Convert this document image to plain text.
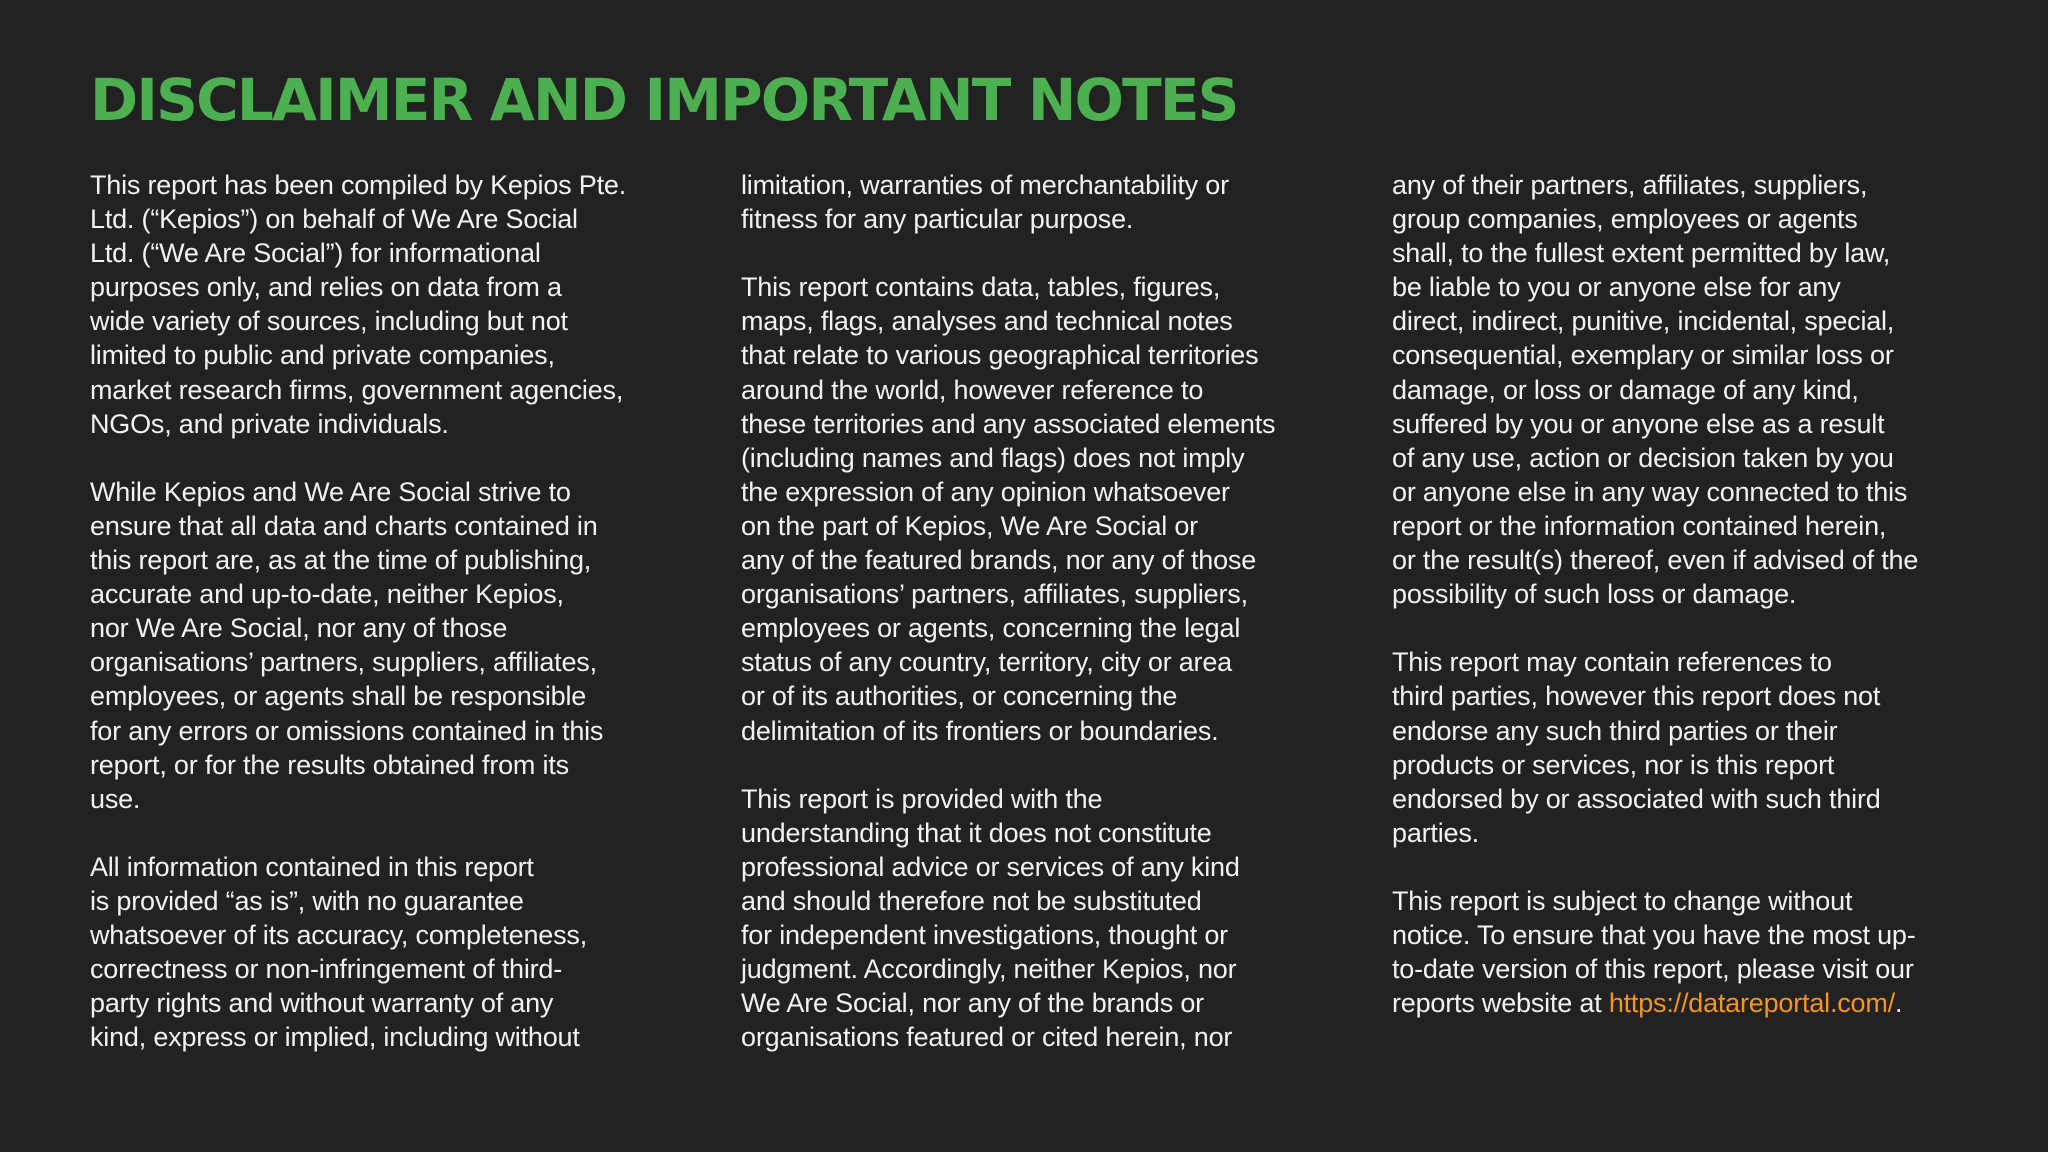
DISCLAIMER AND IMPORTANT NOTES

This report has been compiled by Kepios Pte.
Ltd. (“Kepios”) on behalf of We Are Social
Ltd. (“We Are Social”) for informational
purposes only, and relies on data from a
wide variety of sources, including but not
limited to public and private companies,
market research firms, government agencies,
NGOs, and private individuals.

While Kepios and We Are Social strive to
ensure that all data and charts contained in
this report are, as at the time of publishing,
accurate and up-to-date, neither Kepios,
nor We Are Social, nor any of those
organisations’ partners, suppliers, affiliates,
employees, or agents shall be responsible
for any errors or omissions contained in this
report, or for the results obtained from its
use.

All information contained in this report
is provided “as is”, with no guarantee
whatsoever of its accuracy, completeness,
correctness or non-infringement of third-
party rights and without warranty of any
kind, express or implied, including without

limitation, warranties of merchantability or
fitness for any particular purpose.

This report contains data, tables, figures,
maps, flags, analyses and technical notes
that relate to various geographical territories
around the world, however reference to
these territories and any associated elements
(including names and flags) does not imply
the expression of any opinion whatsoever
on the part of Kepios, We Are Social or
any of the featured brands, nor any of those
organisations’ partners, affiliates, suppliers,
employees or agents, concerning the legal
status of any country, territory, city or area
or of its authorities, or concerning the
delimitation of its frontiers or boundaries.

This report is provided with the
understanding that it does not constitute
professional advice or services of any kind
and should therefore not be substituted
for independent investigations, thought or
judgment. Accordingly, neither Kepios, nor
We Are Social, nor any of the brands or
organisations featured or cited herein, nor

any of their partners, affiliates, suppliers,
group companies, employees or agents
shall, to the fullest extent permitted by law,
be liable to you or anyone else for any
direct, indirect, punitive, incidental, special,
consequential, exemplary or similar loss or
damage, or loss or damage of any kind,
suffered by you or anyone else as a result
of any use, action or decision taken by you
or anyone else in any way connected to this
report or the information contained herein,
or the result(s) thereof, even if advised of the
possibility of such loss or damage.

This report may contain references to
third parties, however this report does not
endorse any such third parties or their
products or services, nor is this report
endorsed by or associated with such third
parties.

This report is subject to change without
notice. To ensure that you have the most up-
to-date version of this report, please visit our
reports website at https://datareportal.com/.
